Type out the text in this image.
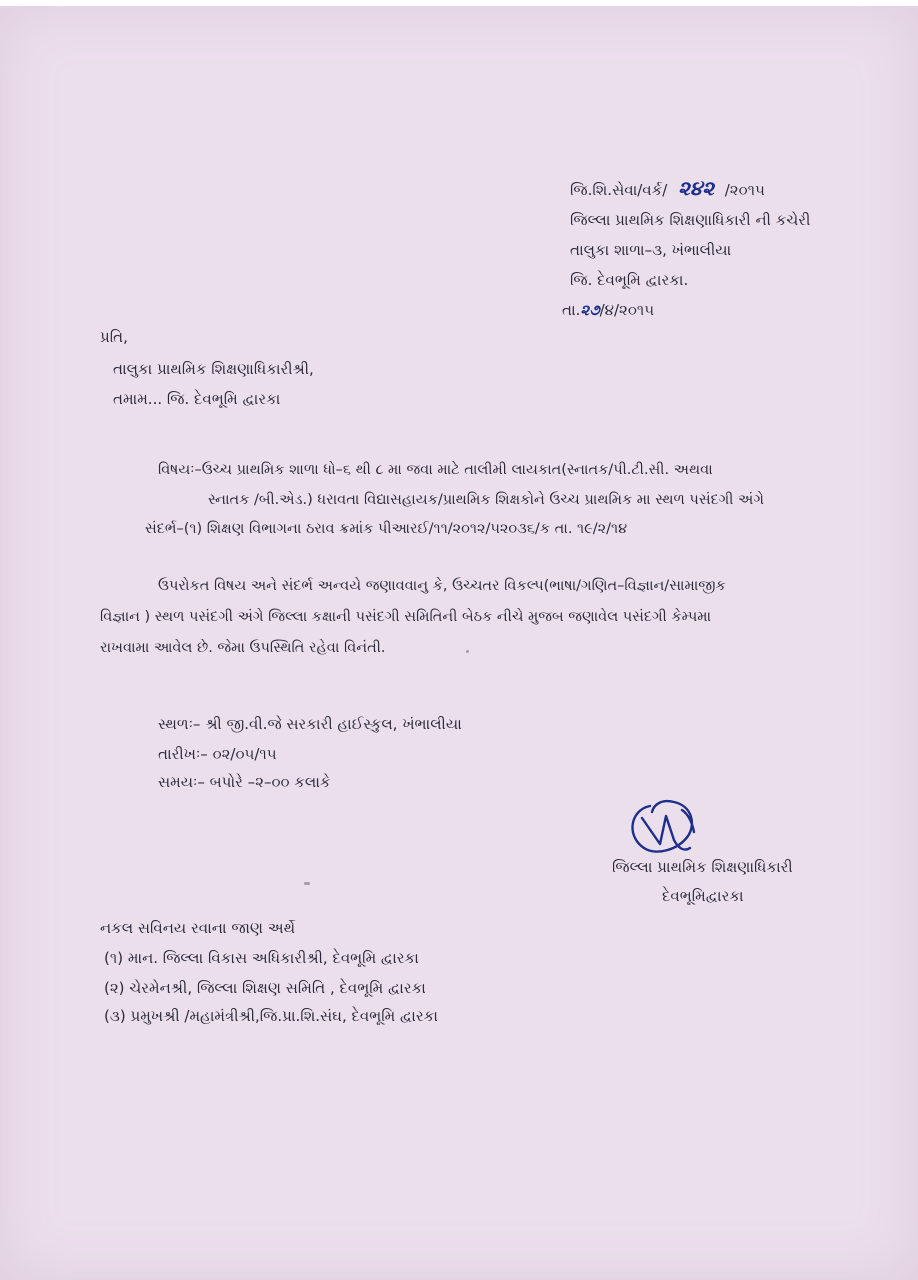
જિ.શિ.સેવા/વર્ક/ ૨૪૨ /૨૦૧૫
જિલ્લા પ્રાથમિક શિક્ષણાધિકારી ની કચેરી
તાલુકા શાળા–૩, ખંભાલીયા
જિ. દેવભૂમિ દ્વારકા.
તા.૨૭/૪/૨૦૧૫
પ્રતિ,
તાલુકા પ્રાથમિક શિક્ષણાધિકારીશ્રી,
તમામ... જિ. દેવભૂમિ દ્વારકા
વિષયઃ–ઉચ્ચ પ્રાથમિક શાળા ધો–૬ થી ૮ મા જવા માટે તાલીમી લાયકાત(સ્નાતક/પી.ટી.સી. અથવા
સ્નાતક /બી.એડ.) ધરાવતા વિદ્યાસહાયક/પ્રાથમિક શિક્ષકોને ઉચ્ચ પ્રાથમિક મા સ્થળ પસંદગી અંગે
સંદર્ભ–(૧) શિક્ષણ વિભાગના ઠરાવ ક્રમાંક પીઆરઈ/૧૧/૨૦૧૨/૫૨૦૩૬/ક તા. ૧૯/૨/૧૪
ઉપરોકત વિષય અને સંદર્ભ અન્વયે જણાવવાનુ કે, ઉચ્ચતર વિકલ્પ(ભાષા/ગણિત–વિજ્ઞાન/સામાજીક
વિજ્ઞાન ) સ્થળ પસંદગી અંગે જિલ્લા કક્ષાની પસંદગી સમિતિની બેઠક નીચે મુજબ જણાવેલ પસંદગી કેમ્પમા
રાખવામા આવેલ છે. જેમા ઉપસ્થિતિ રહેવા વિનંતી.
સ્થળઃ– શ્રી જી.વી.જે સરકારી હાઈસ્કુલ, ખંભાલીયા
તારીખઃ– ૦૨/૦૫/૧૫
સમયઃ– બપોરે –૨–૦૦ કલાકે
જિલ્લા પ્રાથમિક શિક્ષણાધિકારી
દેવભૂમિદ્વારકા
નકલ સવિનય રવાના જાણ અર્થે
(૧) માન. જિલ્લા વિકાસ અધિકારીશ્રી, દેવભૂમિ દ્વારકા
(૨) ચેરમેનશ્રી, જિલ્લા શિક્ષણ સમિતિ , દેવભૂમિ દ્વારકા
(૩) પ્રમુખશ્રી /મહામંત્રીશ્રી,જિ.પ્રા.શિ.સંઘ, દેવભૂમિ દ્વારકા
